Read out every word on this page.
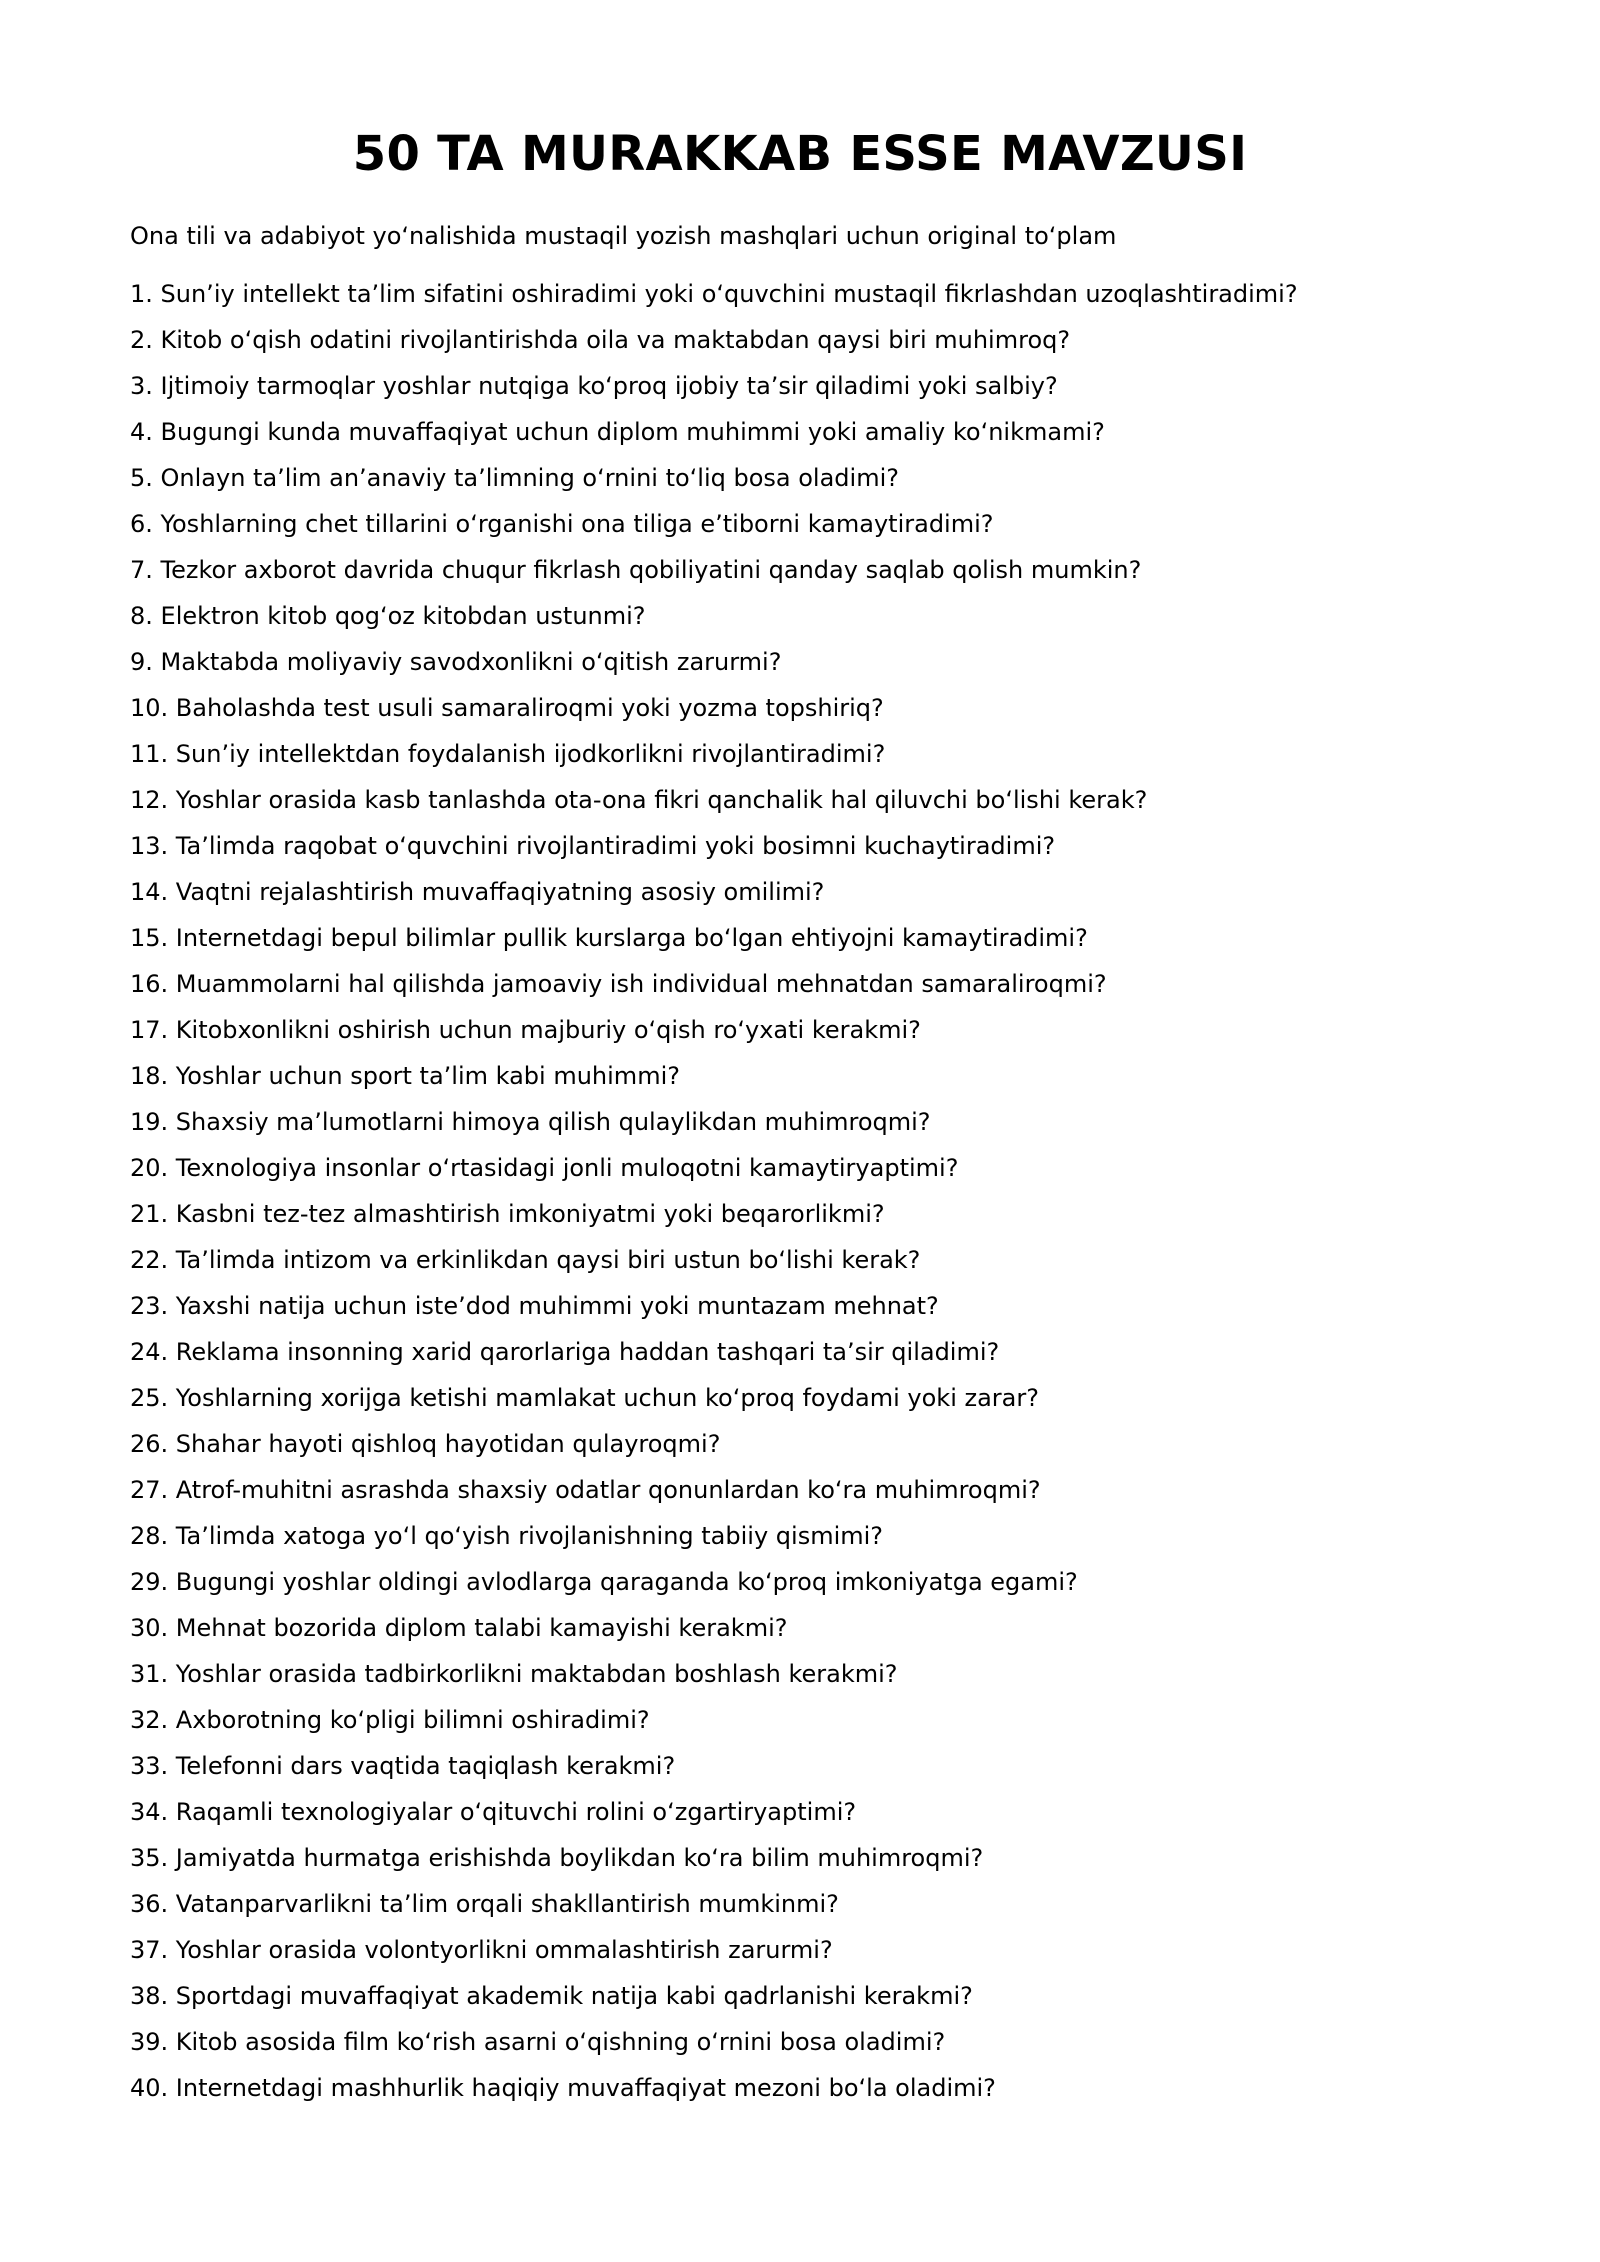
50 TA MURAKKAB ESSE MAVZUSI

Ona tili va adabiyot yo‘nalishida mustaqil yozish mashqlari uchun original to‘plam

1. Sun’iy intellekt ta’lim sifatini oshiradimi yoki o‘quvchini mustaqil fikrlashdan uzoqlashtiradimi?
2. Kitob o‘qish odatini rivojlantirishda oila va maktabdan qaysi biri muhimroq?
3. Ijtimoiy tarmoqlar yoshlar nutqiga ko‘proq ijobiy ta’sir qiladimi yoki salbiy?
4. Bugungi kunda muvaffaqiyat uchun diplom muhimmi yoki amaliy ko‘nikmami?
5. Onlayn ta’lim an’anaviy ta’limning o‘rnini to‘liq bosa oladimi?
6. Yoshlarning chet tillarini o‘rganishi ona tiliga e’tiborni kamaytiradimi?
7. Tezkor axborot davrida chuqur fikrlash qobiliyatini qanday saqlab qolish mumkin?
8. Elektron kitob qog‘oz kitobdan ustunmi?
9. Maktabda moliyaviy savodxonlikni o‘qitish zarurmi?
10. Baholashda test usuli samaraliroqmi yoki yozma topshiriq?
11. Sun’iy intellektdan foydalanish ijodkorlikni rivojlantiradimi?
12. Yoshlar orasida kasb tanlashda ota-ona fikri qanchalik hal qiluvchi bo‘lishi kerak?
13. Ta’limda raqobat o‘quvchini rivojlantiradimi yoki bosimni kuchaytiradimi?
14. Vaqtni rejalashtirish muvaffaqiyatning asosiy omilimi?
15. Internetdagi bepul bilimlar pullik kurslarga bo‘lgan ehtiyojni kamaytiradimi?
16. Muammolarni hal qilishda jamoaviy ish individual mehnatdan samaraliroqmi?
17. Kitobxonlikni oshirish uchun majburiy o‘qish ro‘yxati kerakmi?
18. Yoshlar uchun sport ta’lim kabi muhimmi?
19. Shaxsiy ma’lumotlarni himoya qilish qulaylikdan muhimroqmi?
20. Texnologiya insonlar o‘rtasidagi jonli muloqotni kamaytiryaptimi?
21. Kasbni tez-tez almashtirish imkoniyatmi yoki beqarorlikmi?
22. Ta’limda intizom va erkinlikdan qaysi biri ustun bo‘lishi kerak?
23. Yaxshi natija uchun iste’dod muhimmi yoki muntazam mehnat?
24. Reklama insonning xarid qarorlariga haddan tashqari ta’sir qiladimi?
25. Yoshlarning xorijga ketishi mamlakat uchun ko‘proq foydami yoki zarar?
26. Shahar hayoti qishloq hayotidan qulayroqmi?
27. Atrof-muhitni asrashda shaxsiy odatlar qonunlardan ko‘ra muhimroqmi?
28. Ta’limda xatoga yo‘l qo‘yish rivojlanishning tabiiy qismimi?
29. Bugungi yoshlar oldingi avlodlarga qaraganda ko‘proq imkoniyatga egami?
30. Mehnat bozorida diplom talabi kamayishi kerakmi?
31. Yoshlar orasida tadbirkorlikni maktabdan boshlash kerakmi?
32. Axborotning ko‘pligi bilimni oshiradimi?
33. Telefonni dars vaqtida taqiqlash kerakmi?
34. Raqamli texnologiyalar o‘qituvchi rolini o‘zgartiryaptimi?
35. Jamiyatda hurmatga erishishda boylikdan ko‘ra bilim muhimroqmi?
36. Vatanparvarlikni ta’lim orqali shakllantirish mumkinmi?
37. Yoshlar orasida volontyorlikni ommalashtirish zarurmi?
38. Sportdagi muvaffaqiyat akademik natija kabi qadrlanishi kerakmi?
39. Kitob asosida film ko‘rish asarni o‘qishning o‘rnini bosa oladimi?
40. Internetdagi mashhurlik haqiqiy muvaffaqiyat mezoni bo‘la oladimi?
